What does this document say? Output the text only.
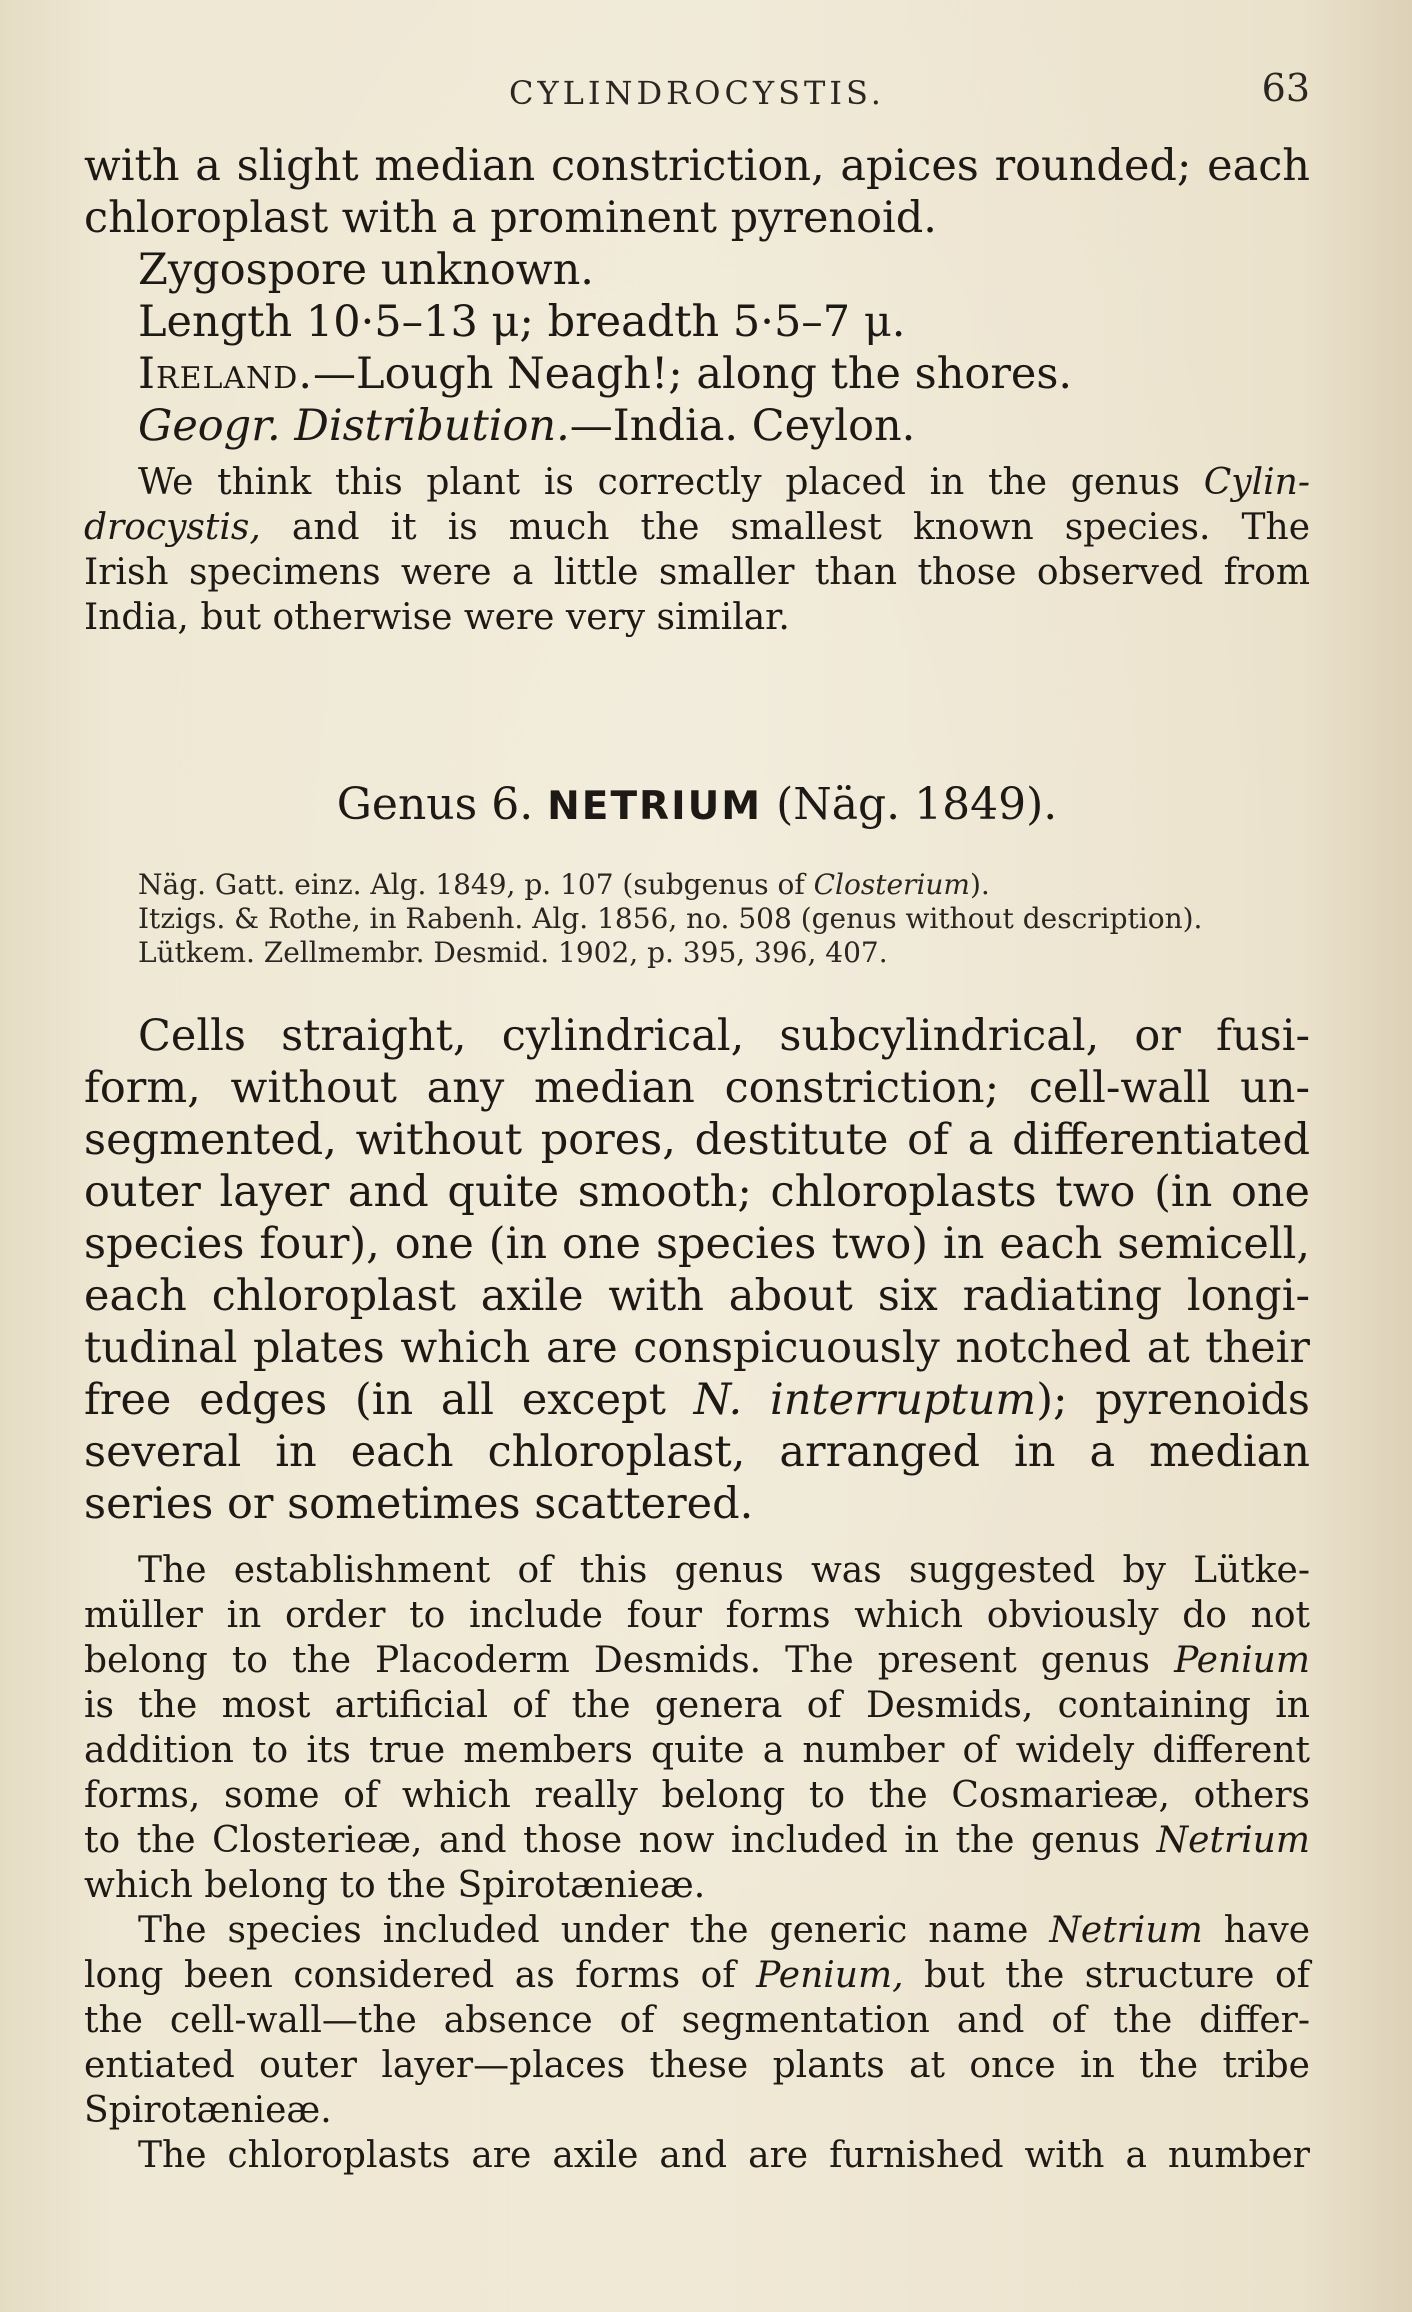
CYLINDROCYSTIS.	63
with a slight median constriction, apices rounded; each
chloroplast with a prominent pyrenoid.
Zygospore unknown.
Length 10·5–13 μ; breadth 5·5–7 μ.
Ireland.—Lough Neagh!; along the shores.
Geogr. Distribution.—India. Ceylon.
We think this plant is correctly placed in the genus Cylin-
drocystis, and it is much the smallest known species. The
Irish specimens were a little smaller than those observed from
India, but otherwise were very similar.
Genus 6. NETRIUM (Näg. 1849).
Näg. Gatt. einz. Alg. 1849, p. 107 (subgenus of Closterium).
Itzigs. & Rothe, in Rabenh. Alg. 1856, no. 508 (genus without description).
Lütkem. Zellmembr. Desmid. 1902, p. 395, 396, 407.
Cells straight, cylindrical, subcylindrical, or fusi-
form, without any median constriction; cell-wall un-
segmented, without pores, destitute of a differentiated
outer layer and quite smooth; chloroplasts two (in one
species four), one (in one species two) in each semicell,
each chloroplast axile with about six radiating longi-
tudinal plates which are conspicuously notched at their
free edges (in all except N. interruptum); pyrenoids
several in each chloroplast, arranged in a median
series or sometimes scattered.
The establishment of this genus was suggested by Lütke-
müller in order to include four forms which obviously do not
belong to the Placoderm Desmids. The present genus Penium
is the most artificial of the genera of Desmids, containing in
addition to its true members quite a number of widely different
forms, some of which really belong to the Cosmarieæ, others
to the Closterieæ, and those now included in the genus Netrium
which belong to the Spirotænieæ.
The species included under the generic name Netrium have
long been considered as forms of Penium, but the structure of
the cell-wall—the absence of segmentation and of the differ-
entiated outer layer—places these plants at once in the tribe
Spirotænieæ.
The chloroplasts are axile and are furnished with a number
